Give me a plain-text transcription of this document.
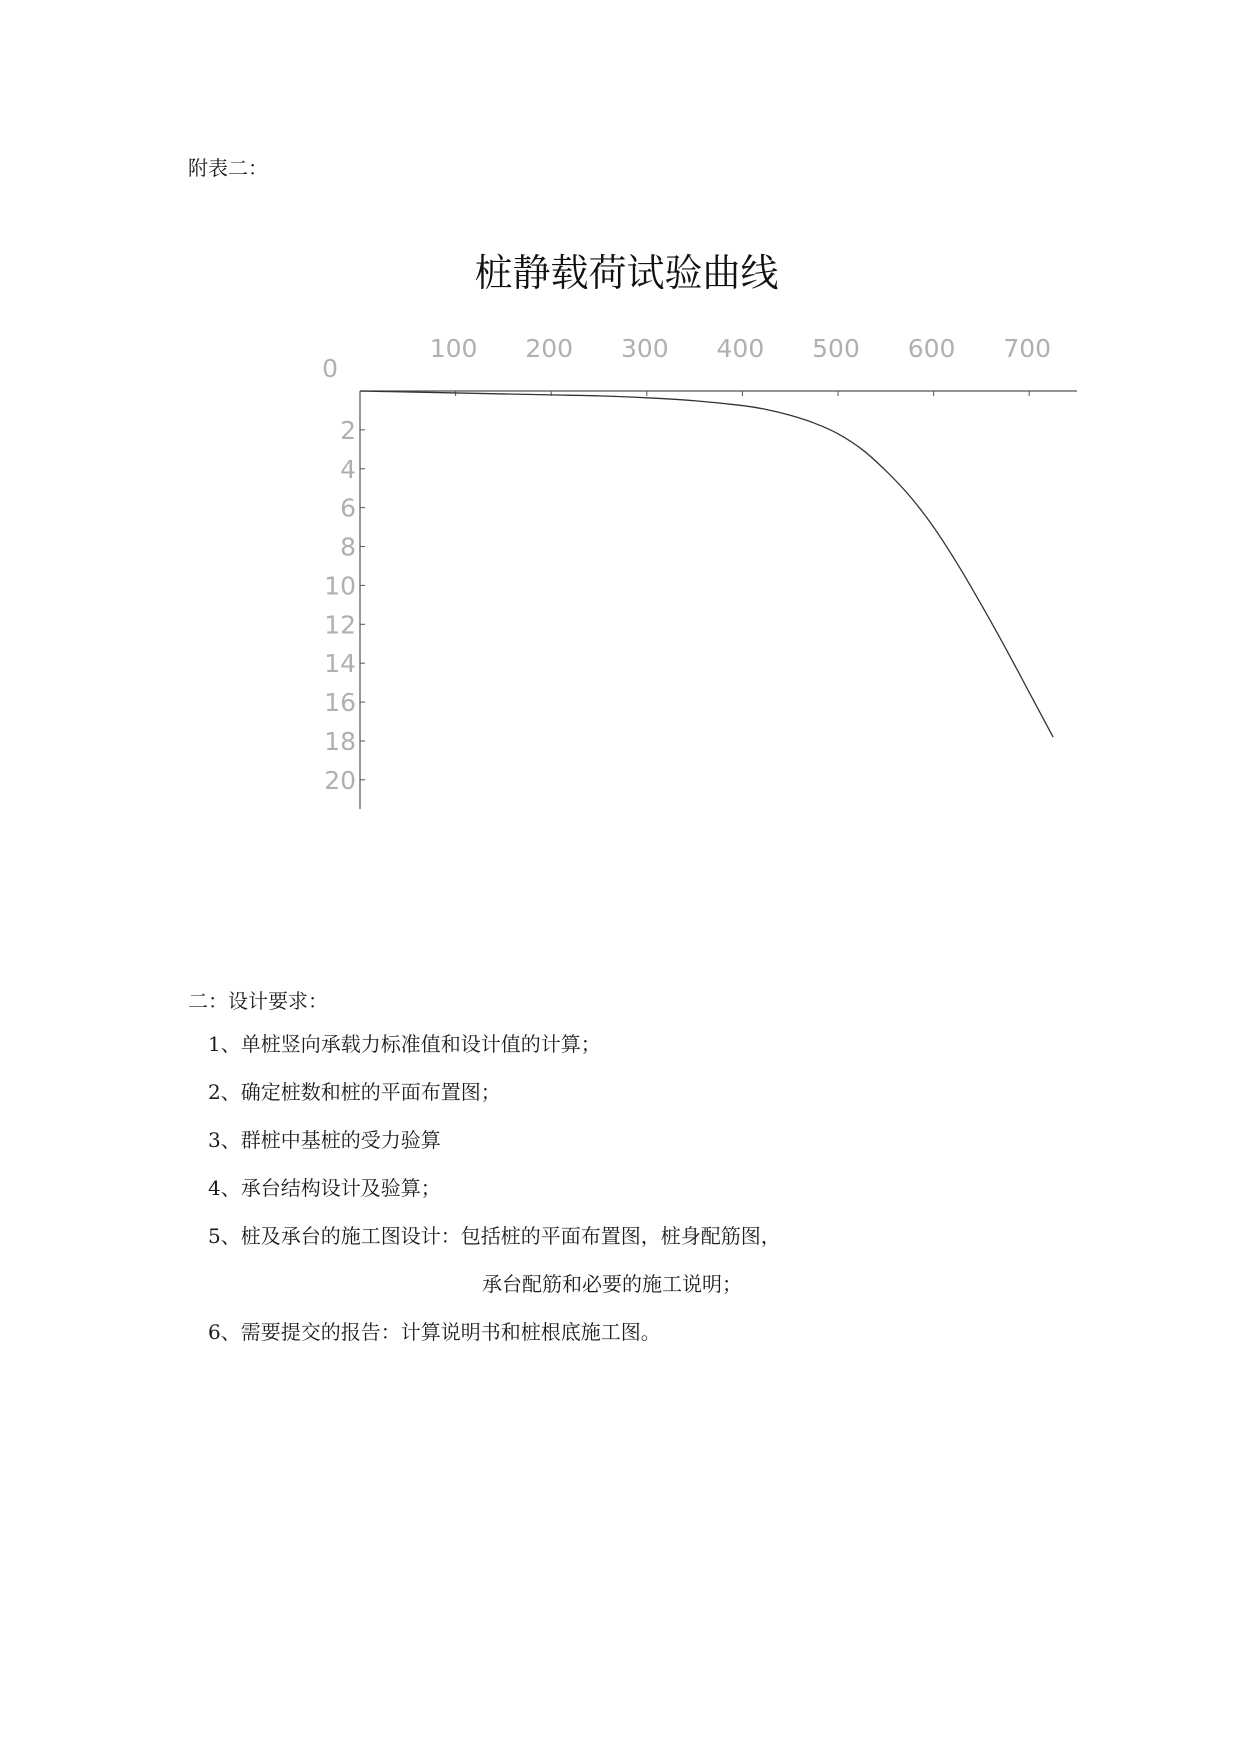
附表二：
桩静载荷试验曲线
100 200 300 400 500 600 700
0
2
4
6
8
10
12
14
16
18
20
二：设计要求：
1、单桩竖向承载力标准值和设计值的计算；
2、确定桩数和桩的平面布置图；
3、群桩中基桩的受力验算
4、承台结构设计及验算；
5、桩及承台的施工图设计：包括桩的平面布置图，桩身配筋图，
承台配筋和必要的施工说明；
6、需要提交的报告：计算说明书和桩根底施工图。
